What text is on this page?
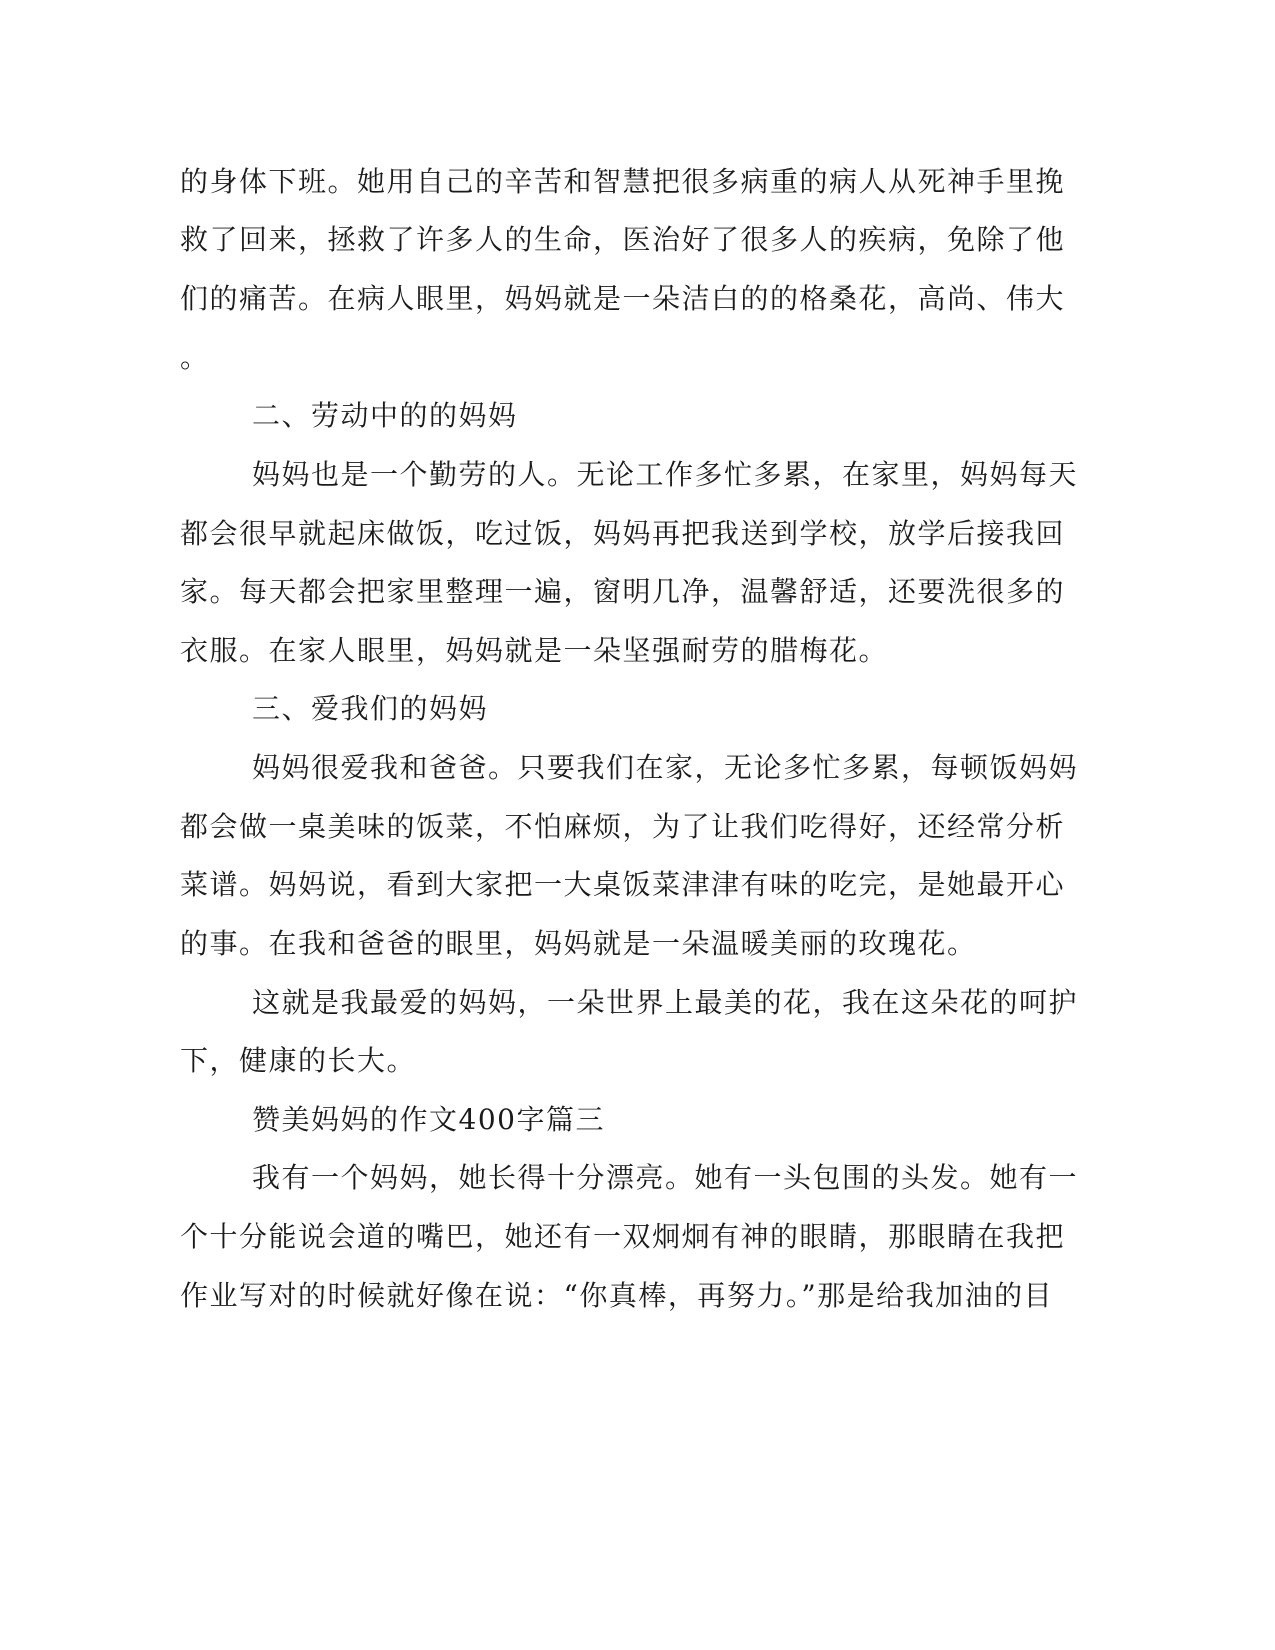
的身体下班。她用自己的辛苦和智慧把很多病重的病人从死神手里挽
救了回来，拯救了许多人的生命，医治好了很多人的疾病，免除了他
们的痛苦。在病人眼里，妈妈就是一朵洁白的的格桑花，高尚、伟大
。
二、劳动中的的妈妈
妈妈也是一个勤劳的人。无论工作多忙多累，在家里，妈妈每天
都会很早就起床做饭，吃过饭，妈妈再把我送到学校，放学后接我回
家。每天都会把家里整理一遍，窗明几净，温馨舒适，还要洗很多的
衣服。在家人眼里，妈妈就是一朵坚强耐劳的腊梅花。
三、爱我们的妈妈
妈妈很爱我和爸爸。只要我们在家，无论多忙多累，每顿饭妈妈
都会做一桌美味的饭菜，不怕麻烦，为了让我们吃得好，还经常分析
菜谱。妈妈说，看到大家把一大桌饭菜津津有味的吃完，是她最开心
的事。在我和爸爸的眼里，妈妈就是一朵温暖美丽的玫瑰花。
这就是我最爱的妈妈，一朵世界上最美的花，我在这朵花的呵护
下，健康的长大。
赞美妈妈的作文400字篇三
我有一个妈妈，她长得十分漂亮。她有一头包围的头发。她有一
个十分能说会道的嘴巴，她还有一双炯炯有神的眼睛，那眼睛在我把
作业写对的时候就好像在说：“你真棒，再努力。”那是给我加油的目
